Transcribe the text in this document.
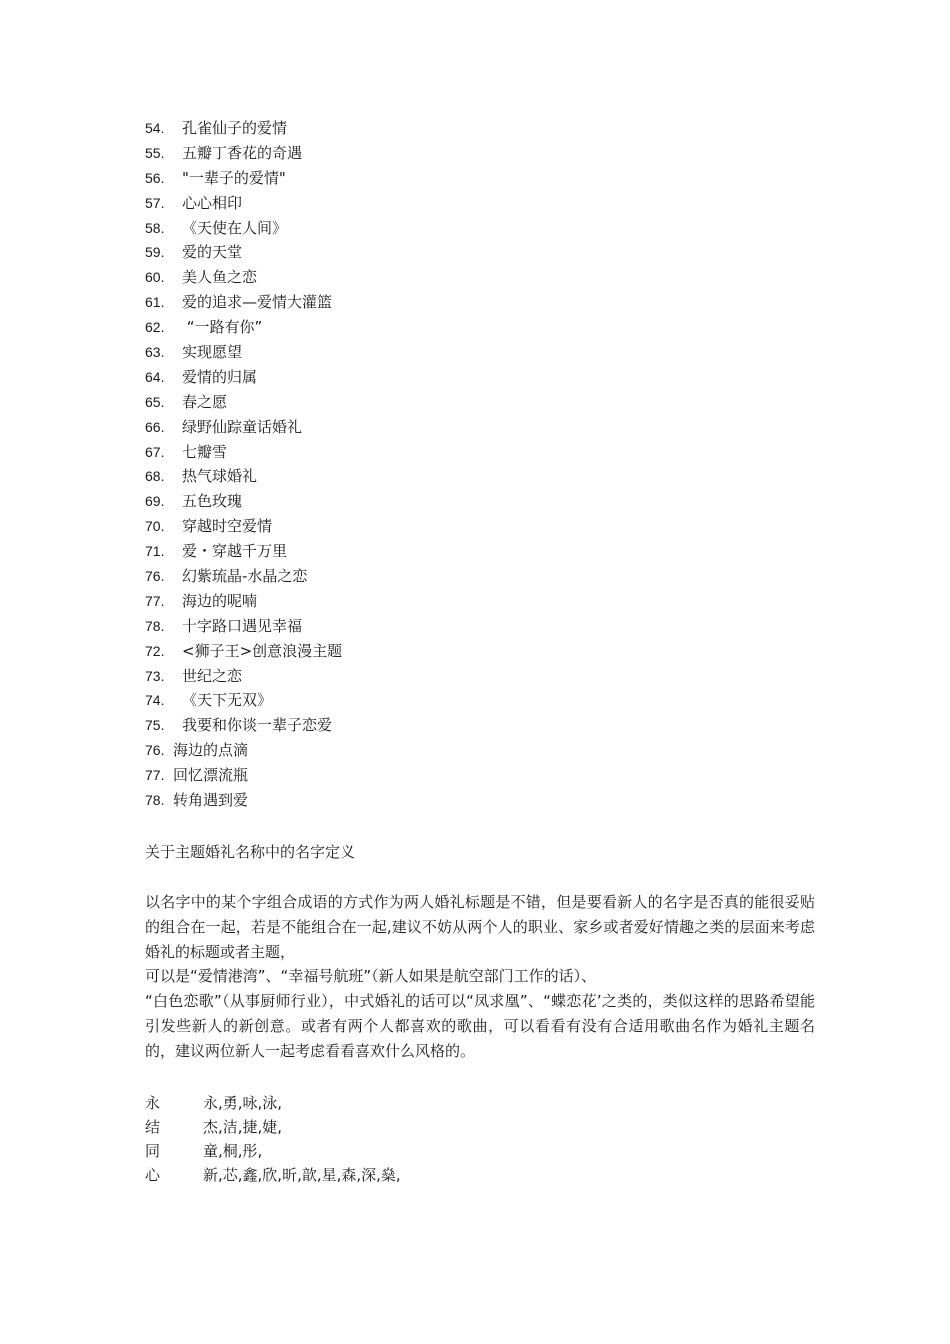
54.	孔雀仙子的爱情
55.	五瓣丁香花的奇遇
56.	"一辈子的爱情"
57.	心心相印
58.	《天使在人间》
59.	爱的天堂
60.	美人鱼之恋
61.	爱的追求—爱情大灌篮
62.	“一路有你”
63.	实现愿望
64.	爱情的归属
65.	春之愿
66.	绿野仙踪童话婚礼
67.	七瓣雪
68.	热气球婚礼
69.	五色玫瑰
70.	穿越时空爱情
71.	爱・穿越千万里
76.	幻紫琉晶-水晶之恋
77.	海边的呢喃
78.	十字路口遇见幸福
72.	<狮子王>创意浪漫主题
73.	世纪之恋
74.	《天下无双》
75.	我要和你谈一辈子恋爱
76. 海边的点滴
77. 回忆漂流瓶
78. 转角遇到爱
关于主题婚礼名称中的名字定义

以名字中的某个字组合成语的方式作为两人婚礼标题是不错，但是要看新人的名字是否真的能很妥贴的组合在一起，若是不能组合在一起,建议不妨从两个人的职业、家乡或者爱好情趣之类的层面来考虑婚礼的标题或者主题，

可以是“爱情港湾”、“幸福号航班”（新人如果是航空部门工作的话）、

“白色恋歌”（从事厨师行业），中式婚礼的话可以“凤求凰”、“蝶恋花’之类的，类似这样的思路希望能引发些新人的新创意。或者有两个人都喜欢的歌曲，可以看看有没有合适用歌曲名作为婚礼主题名的，建议两位新人一起考虑看看喜欢什么风格的。

永	永,勇,咏,泳,
结	杰,洁,捷,婕,
同	童,桐,彤,
心	新,芯,鑫,欣,昕,歆,星,森,深,燊,
